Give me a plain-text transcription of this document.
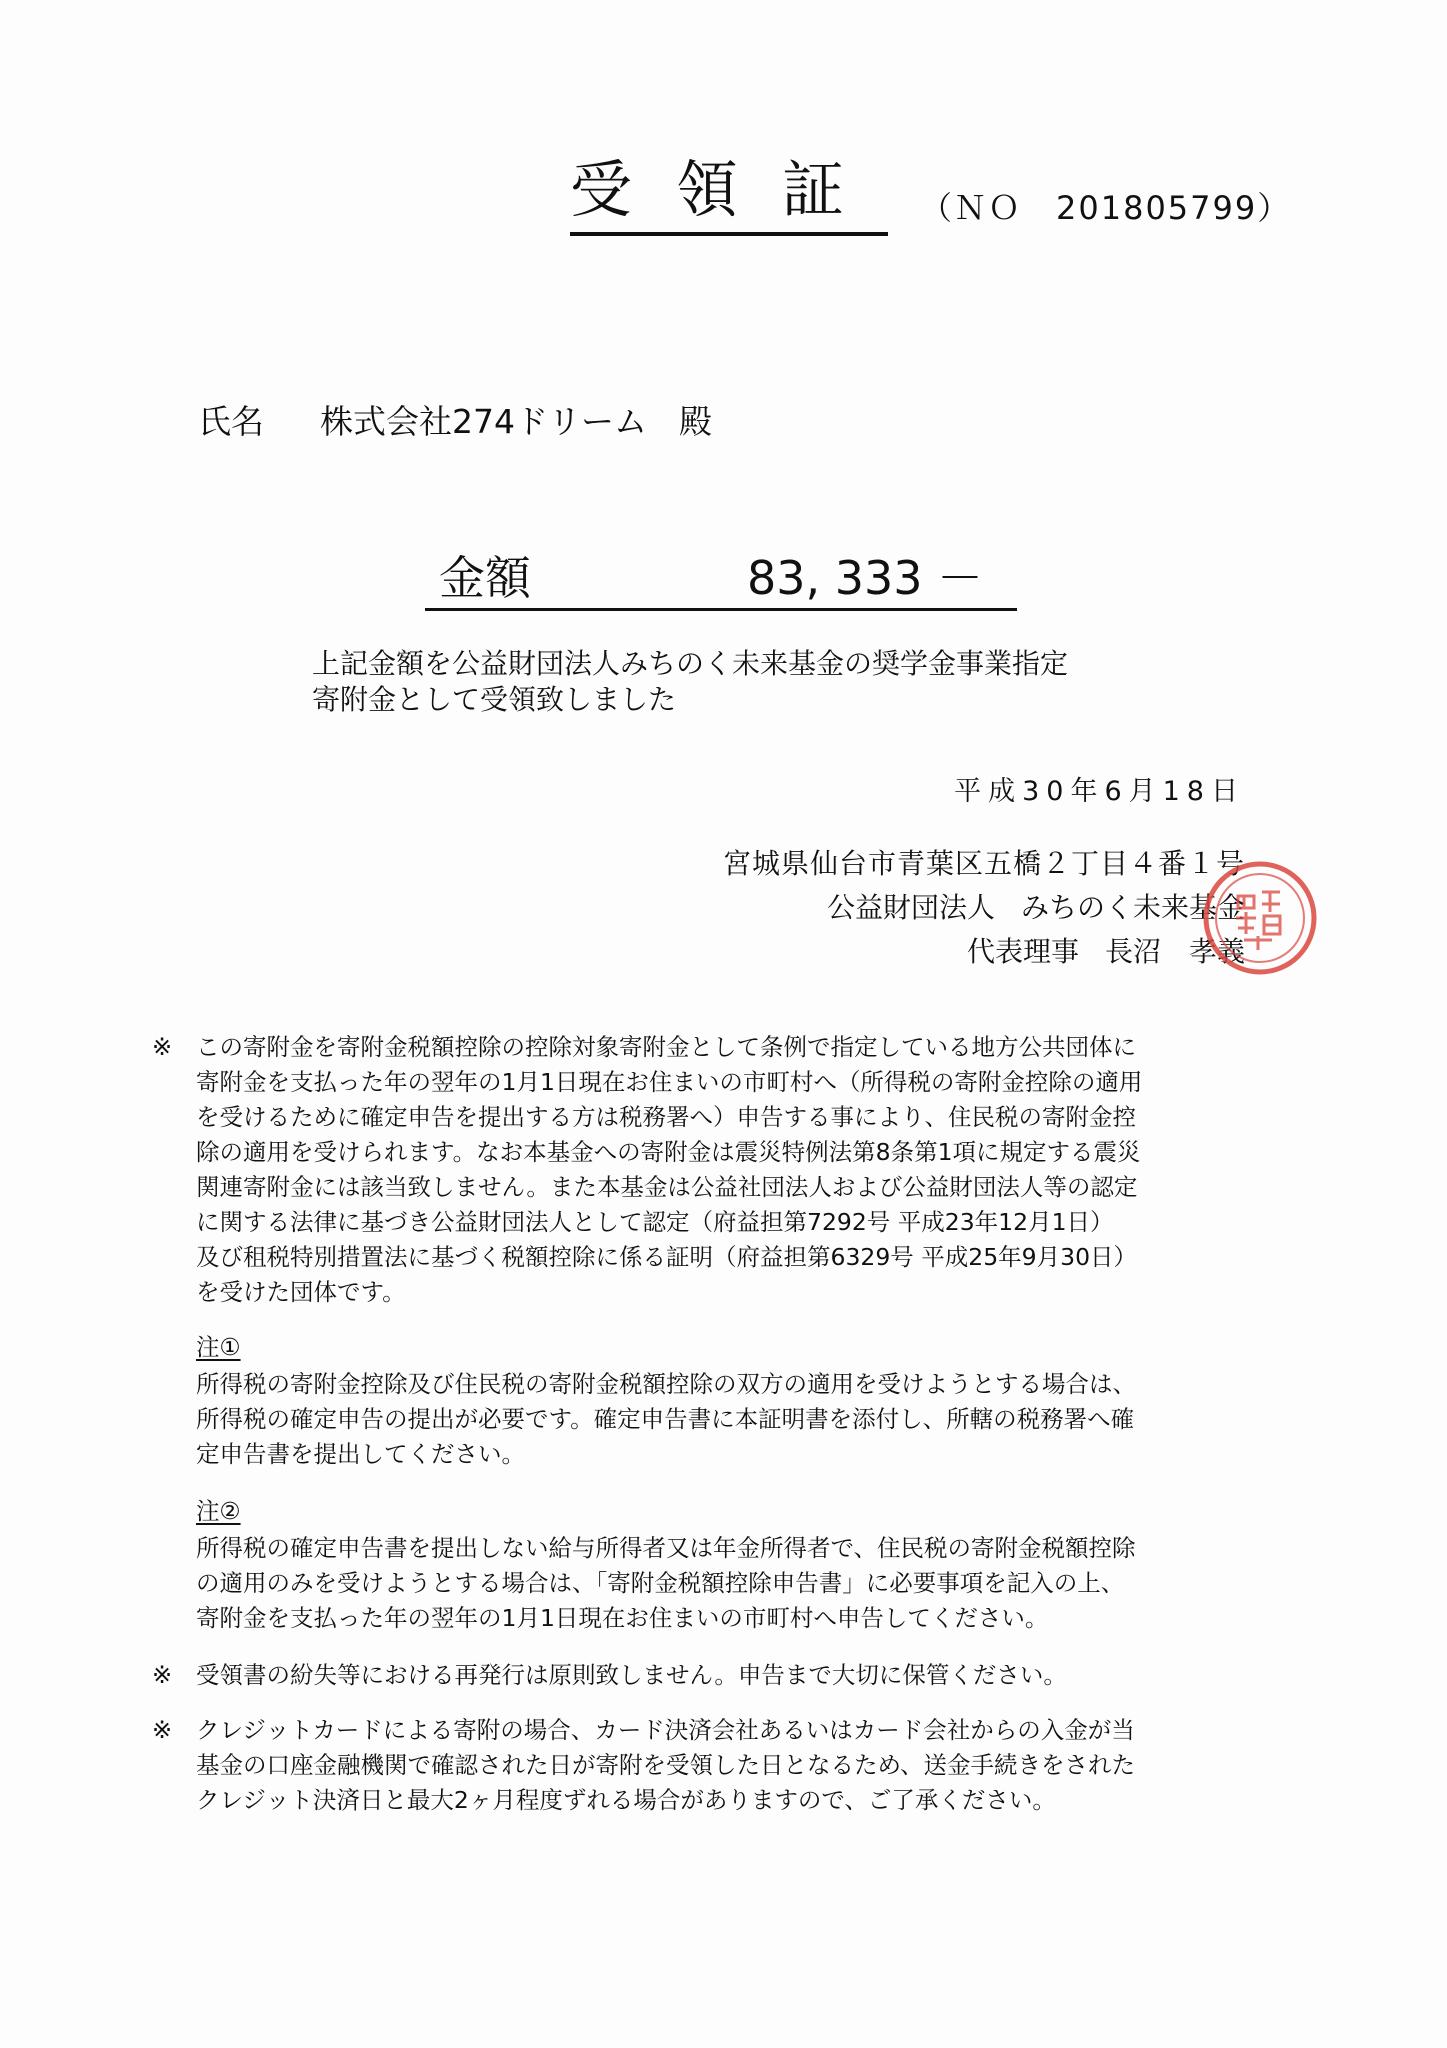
受領証 （ＮＯ　201805799）
氏名 株式会社274ドリーム 殿
金額	83, 333 －
上記金額を公益財団法人みちのく未来基金の奨学金事業指定
寄附金として受領致しました
平成30年6月18日
宮城県仙台市青葉区五橋２丁目４番１号
公益財団法人 みちのく未来基金
代表理事 長沼　孝義
※ この寄附金を寄附金税額控除の控除対象寄附金として条例で指定している地方公共団体に
寄附金を支払った年の翌年の1月1日現在お住まいの市町村へ（所得税の寄附金控除の適用
を受けるために確定申告を提出する方は税務署へ）申告する事により、住民税の寄附金控
除の適用を受けられます。なお本基金への寄附金は震災特例法第8条第1項に規定する震災
関連寄附金には該当致しません。また本基金は公益社団法人および公益財団法人等の認定
に関する法律に基づき公益財団法人として認定（府益担第7292号 平成23年12月1日）
及び租税特別措置法に基づく税額控除に係る証明（府益担第6329号 平成25年9月30日）
を受けた団体です。
注①
所得税の寄附金控除及び住民税の寄附金税額控除の双方の適用を受けようとする場合は、
所得税の確定申告の提出が必要です。確定申告書に本証明書を添付し、所轄の税務署へ確
定申告書を提出してください。
注②
所得税の確定申告書を提出しない給与所得者又は年金所得者で、住民税の寄附金税額控除
の適用のみを受けようとする場合は、「寄附金税額控除申告書」に必要事項を記入の上、
寄附金を支払った年の翌年の1月1日現在お住まいの市町村へ申告してください。
※ 受領書の紛失等における再発行は原則致しません。申告まで大切に保管ください。
※ クレジットカードによる寄附の場合、カード決済会社あるいはカード会社からの入金が当
基金の口座金融機関で確認された日が寄附を受領した日となるため、送金手続きをされた
クレジット決済日と最大2ヶ月程度ずれる場合がありますので、ご了承ください。
